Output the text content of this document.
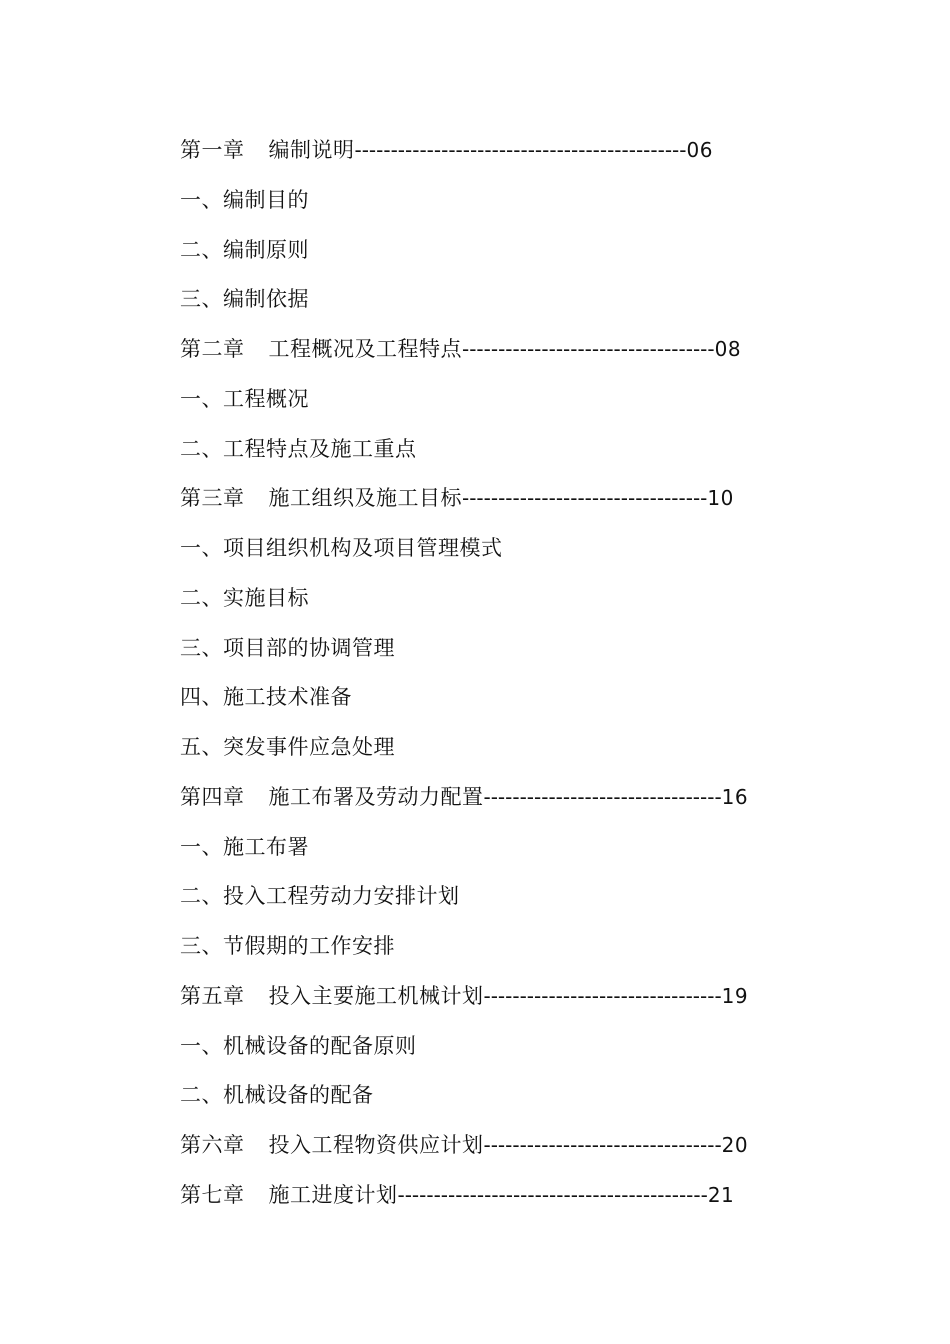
第一章 编制说明----------------------------------------------06
一、编制目的
二、编制原则
三、编制依据
第二章 工程概况及工程特点-----------------------------------08
一、工程概况
二、工程特点及施工重点
第三章 施工组织及施工目标----------------------------------10
一、项目组织机构及项目管理模式
二、实施目标
三、项目部的协调管理
四、施工技术准备
五、突发事件应急处理
第四章 施工布署及劳动力配置---------------------------------16
一、施工布署
二、投入工程劳动力安排计划
三、节假期的工作安排
第五章 投入主要施工机械计划---------------------------------19
一、机械设备的配备原则
二、机械设备的配备
第六章 投入工程物资供应计划---------------------------------20
第七章 施工进度计划-------------------------------------------21
